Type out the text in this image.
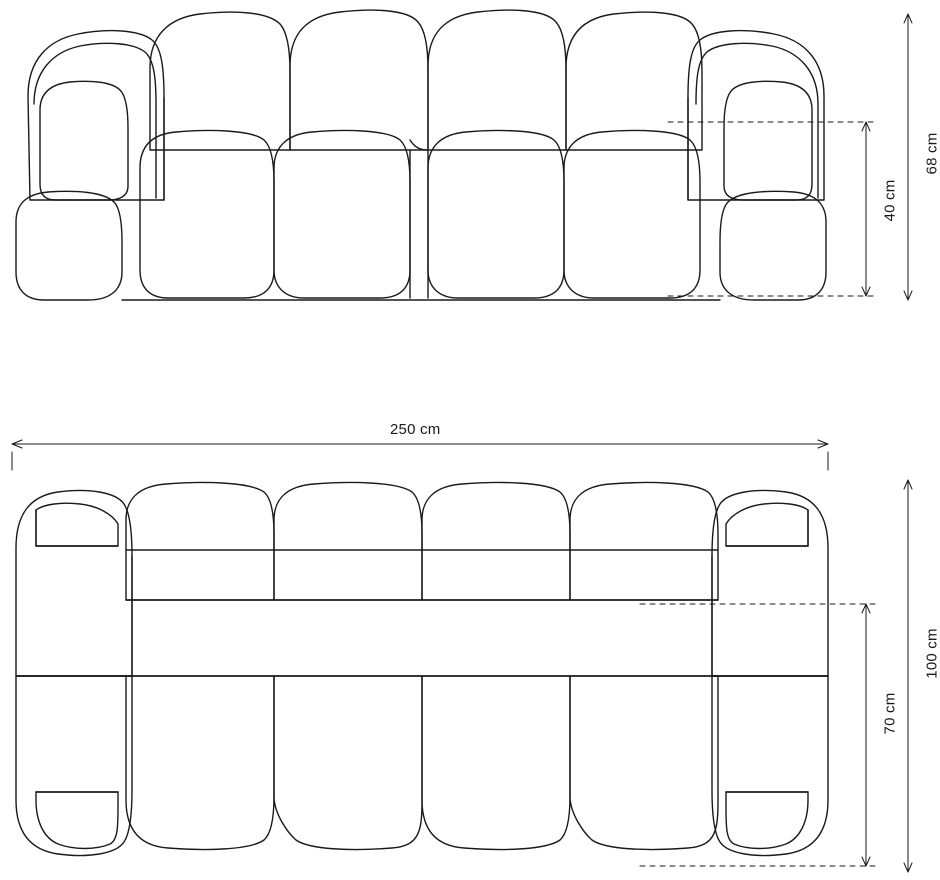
68 cm
40 cm
250 cm
100 cm
70 cm
